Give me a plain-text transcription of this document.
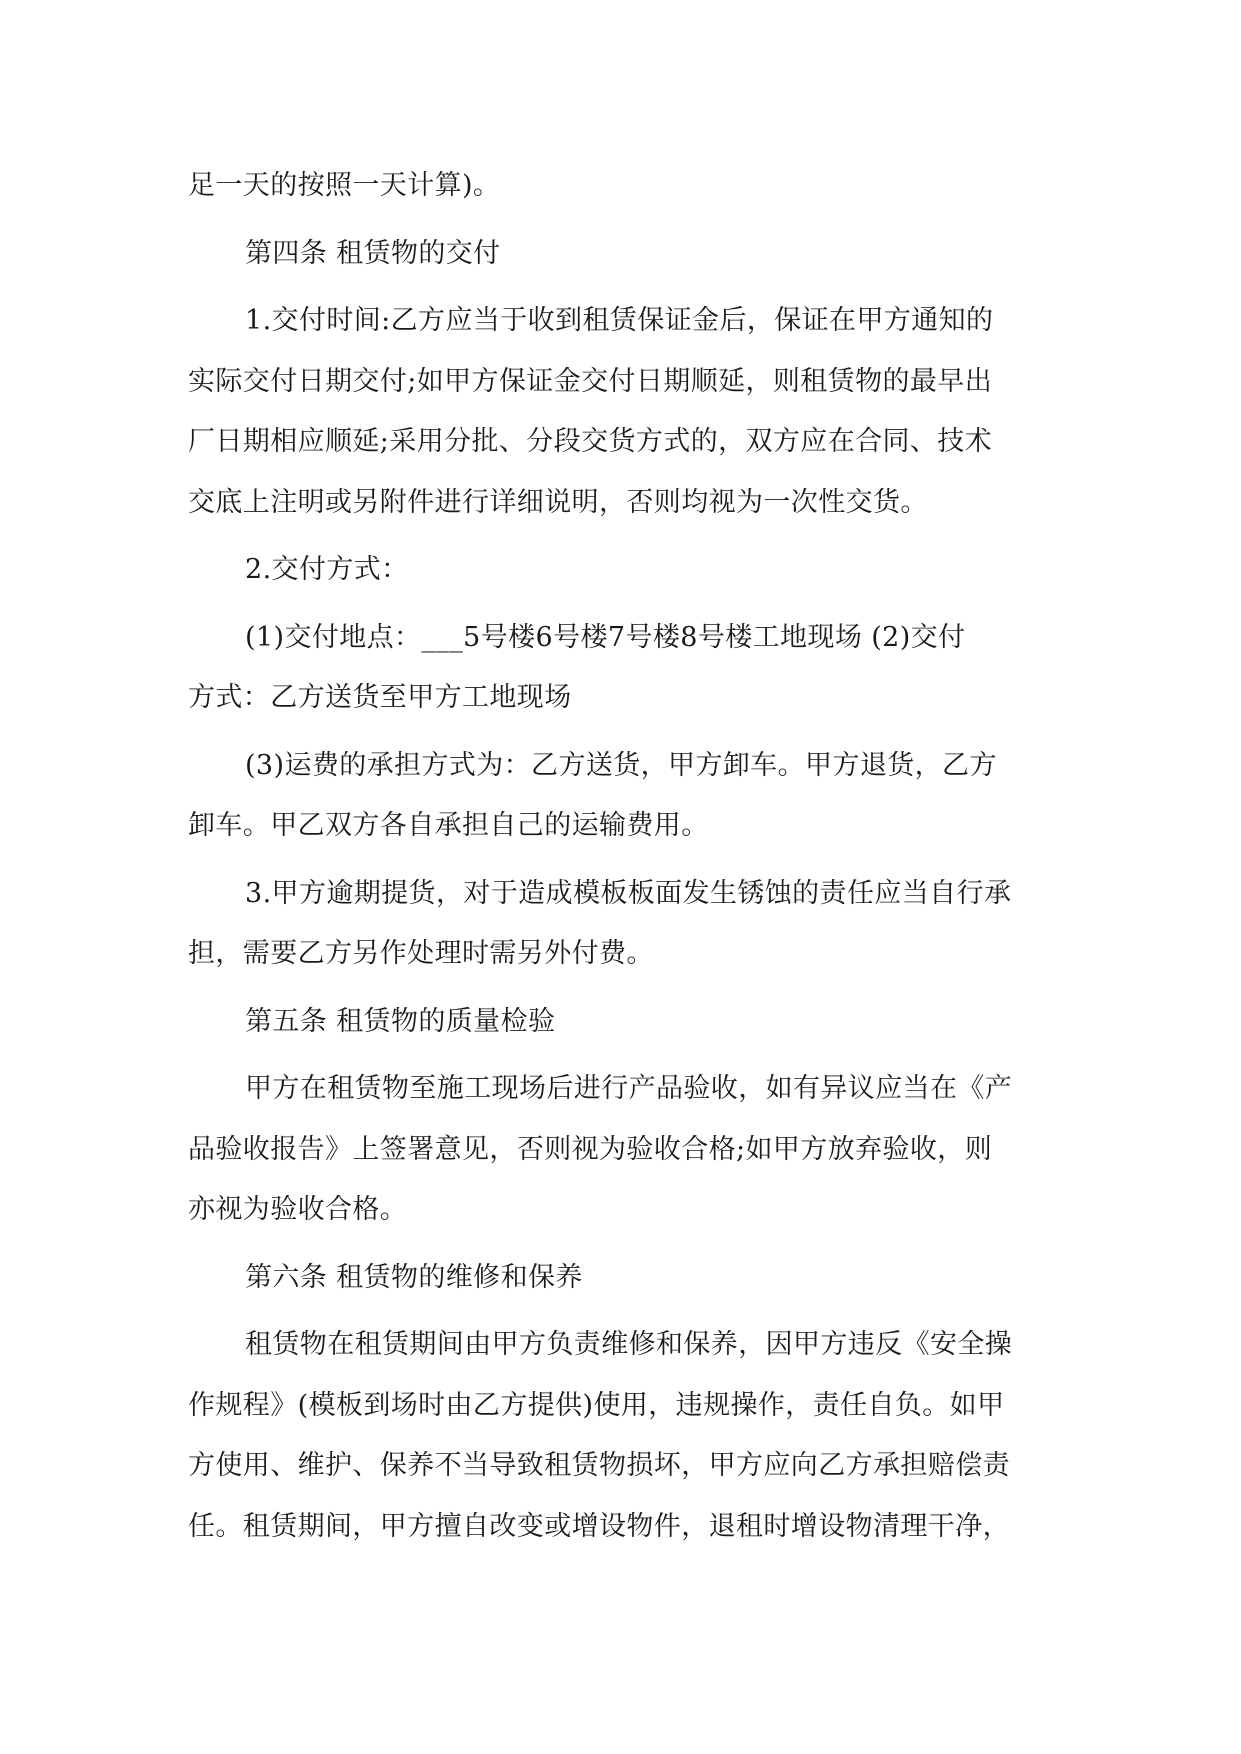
足一天的按照一天计算)。

第四条 租赁物的交付

1.交付时间:乙方应当于收到租赁保证金后，保证在甲方通知的
实际交付日期交付;如甲方保证金交付日期顺延，则租赁物的最早出
厂日期相应顺延;采用分批、分段交货方式的，双方应在合同、技术
交底上注明或另附件进行详细说明，否则均视为一次性交货。

2.交付方式：

(1)交付地点：___5号楼6号楼7号楼8号楼工地现场 (2)交付
方式：乙方送货至甲方工地现场

(3)运费的承担方式为：乙方送货，甲方卸车。甲方退货，乙方
卸车。甲乙双方各自承担自己的运输费用。

3.甲方逾期提货，对于造成模板板面发生锈蚀的责任应当自行承
担，需要乙方另作处理时需另外付费。

第五条 租赁物的质量检验

甲方在租赁物至施工现场后进行产品验收，如有异议应当在《产
品验收报告》上签署意见，否则视为验收合格;如甲方放弃验收，则
亦视为验收合格。

第六条 租赁物的维修和保养

租赁物在租赁期间由甲方负责维修和保养，因甲方违反《安全操
作规程》(模板到场时由乙方提供)使用，违规操作，责任自负。如甲
方使用、维护、保养不当导致租赁物损坏，甲方应向乙方承担赔偿责
任。租赁期间，甲方擅自改变或增设物件，退租时增设物清理干净，
